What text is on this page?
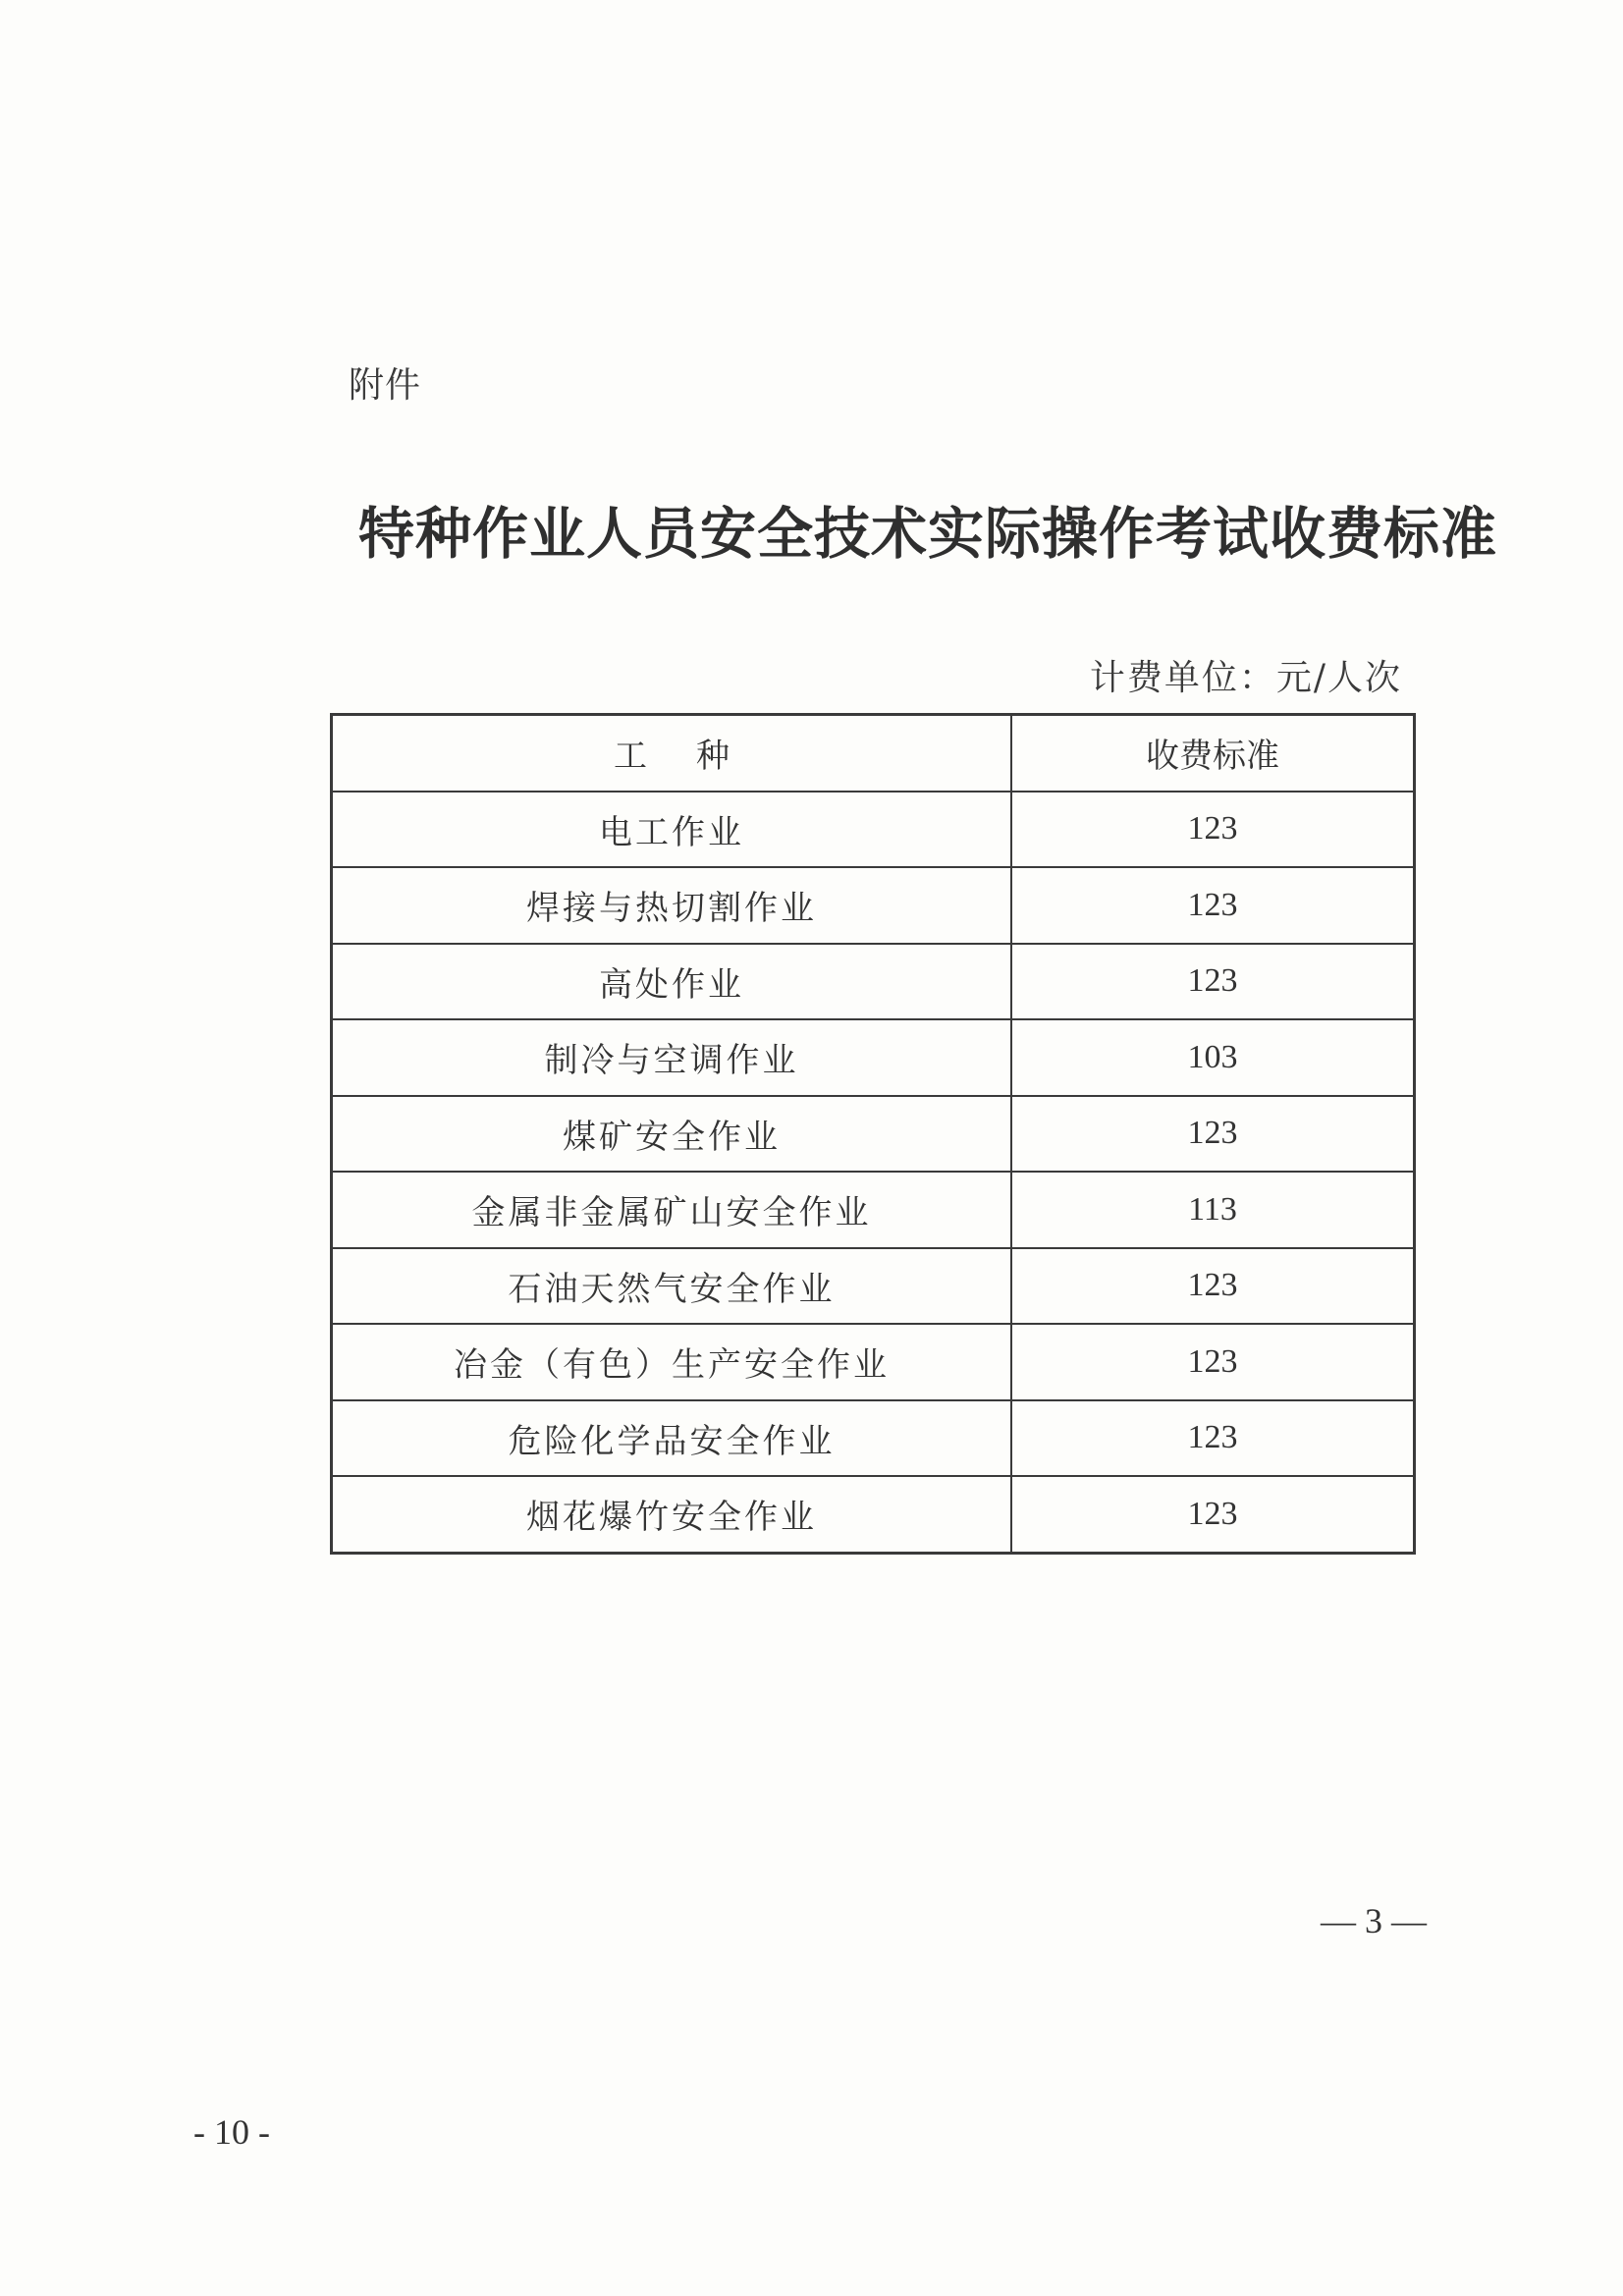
附件
特种作业人员安全技术实际操作考试收费标准
计费单位：元/人次
工种	收费标准
电工作业	123
焊接与热切割作业	123
高处作业	123
制冷与空调作业	103
煤矿安全作业	123
金属非金属矿山安全作业	113
石油天然气安全作业	123
冶金（有色）生产安全作业	123
危险化学品安全作业	123
烟花爆竹安全作业	123
— 3 —
- 10 -
